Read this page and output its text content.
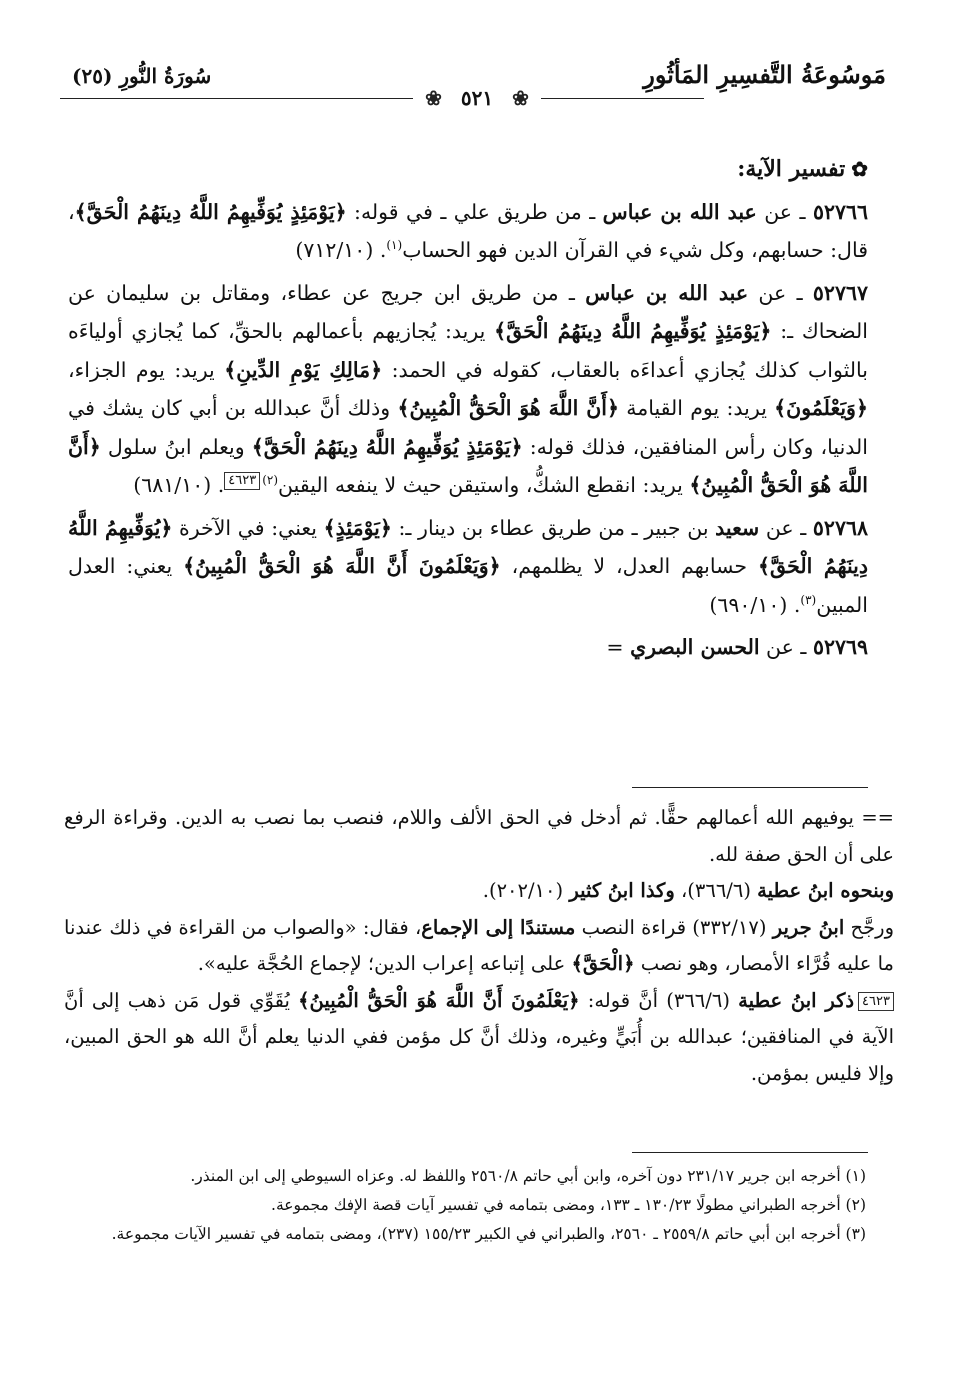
مَوسُوعَةُ التَّفسِيرِ المَأثُورِ
سُورَةُ النُّورِ (٢٥)
❀ ٥٢١ ❀
✿تفسير الآية:
٥٢٧٦٦ ـ عن عبد الله بن عباس ـ من طريق علي ـ في قوله: ﴿يَوْمَئِذٍ يُوَفِّيهِمُ اللَّهُ دِينَهُمُ الْحَقَّ﴾، قال: حسابهم، وكل شيء في القرآن الدين فهو الحساب$^{(١)}$. (٧١٢/١٠)
٥٢٧٦٧ ـ عن عبد الله بن عباس ـ من طريق ابن جريج عن عطاء، ومقاتل بن سليمان عن الضحاك ـ: ﴿يَوْمَئِذٍ يُوَفِّيهِمُ اللَّهُ دِينَهُمُ الْحَقَّ﴾ يريد: يُجازيهم بأعمالهم بالحقِّ، كما يُجازي أولياءَه بالثواب كذلك يُجازي أعداءَه بالعقاب، كقوله في الحمد: ﴿مَالِكِ يَوْمِ الدِّينِ﴾ يريد: يوم الجزاء، ﴿وَيَعْلَمُونَ﴾ يريد: يوم القيامة ﴿أَنَّ اللَّهَ هُوَ الْحَقُّ الْمُبِينُ﴾ وذلك أنَّ عبدالله بن أبي كان يشك في الدنيا، وكان رأس المنافقين، فذلك قوله: ﴿يَوْمَئِذٍ يُوَفِّيهِمُ اللَّهُ دِينَهُمُ الْحَقَّ﴾ ويعلم ابنُ سلول ﴿أَنَّ اللَّهَ هُوَ الْحَقُّ الْمُبِينُ﴾ يريد: انقطع الشكُّ، واستيقن حيث لا ينفعه اليقين$^{(٢)}$٤٦٢٣. (٦٨١/١٠)
٥٢٧٦٨ ـ عن سعيد بن جبير ـ من طريق عطاء بن دينار ـ: ﴿يَوْمَئِذٍ﴾ يعني: في الآخرة ﴿يُوَفِّيهِمُ اللَّهُ دِينَهُمُ الْحَقَّ﴾ حسابهم العدل، لا يظلمهم، ﴿وَيَعْلَمُونَ أَنَّ اللَّهَ هُوَ الْحَقُّ الْمُبِينُ﴾ يعني: العدل المبين$^{(٣)}$. (٦٩٠/١٠)
٥٢٧٦٩ ـ عن الحسن البصري =

== يوفيهم الله أعمالهم حقًّا. ثم أدخل في الحق الألف واللام، فنصب بما نصب به الدين. وقراءة الرفع على أن الحق صفة لله.

وبنحوه ابنُ عطية (٣٦٦/٦)، وكذا ابنُ كثير (٢٠٢/١٠).

ورجَّح ابنُ جرير (٣٣٢/١٧) قراءة النصب مستندًا إلى الإجماع، فقال: «والصواب من القراءة في ذلك عندنا ما عليه قُرَّاء الأمصار، وهو نصب ﴿الْحَقَّ﴾ على إتباعه إعراب الدين؛ لإجماع الحُجَّة عليه».

٤٦٢٣ذكر ابنُ عطية (٣٦٦/٦) أنَّ قوله: ﴿يَعْلَمُونَ أَنَّ اللَّهَ هُوَ الْحَقُّ الْمُبِينُ﴾ يُقَوِّي قول مَن ذهب إلى أنَّ الآية في المنافقين؛ عبدالله بن أُبَيٍّ وغيره، وذلك أنَّ كل مؤمن ففي الدنيا يعلم أنَّ الله هو الحق المبين، وإلا فليس بمؤمن.

(١) أخرجه ابن جرير ٢٣١/١٧ دون آخره، وابن أبي حاتم ٢٥٦٠/٨ واللفظ له. وعزاه السيوطي إلى ابن المنذر.

(٢) أخرجه الطبراني مطولًا ١٣٠/٢٣ ـ ١٣٣، ومضى بتمامه في تفسير آيات قصة الإفك مجموعة.

(٣) أخرجه ابن أبي حاتم ٢٥٥٩/٨ ـ ٢٥٦٠، والطبراني في الكبير ١٥٥/٢٣ (٢٣٧)، ومضى بتمامه في تفسير الآيات مجموعة.
